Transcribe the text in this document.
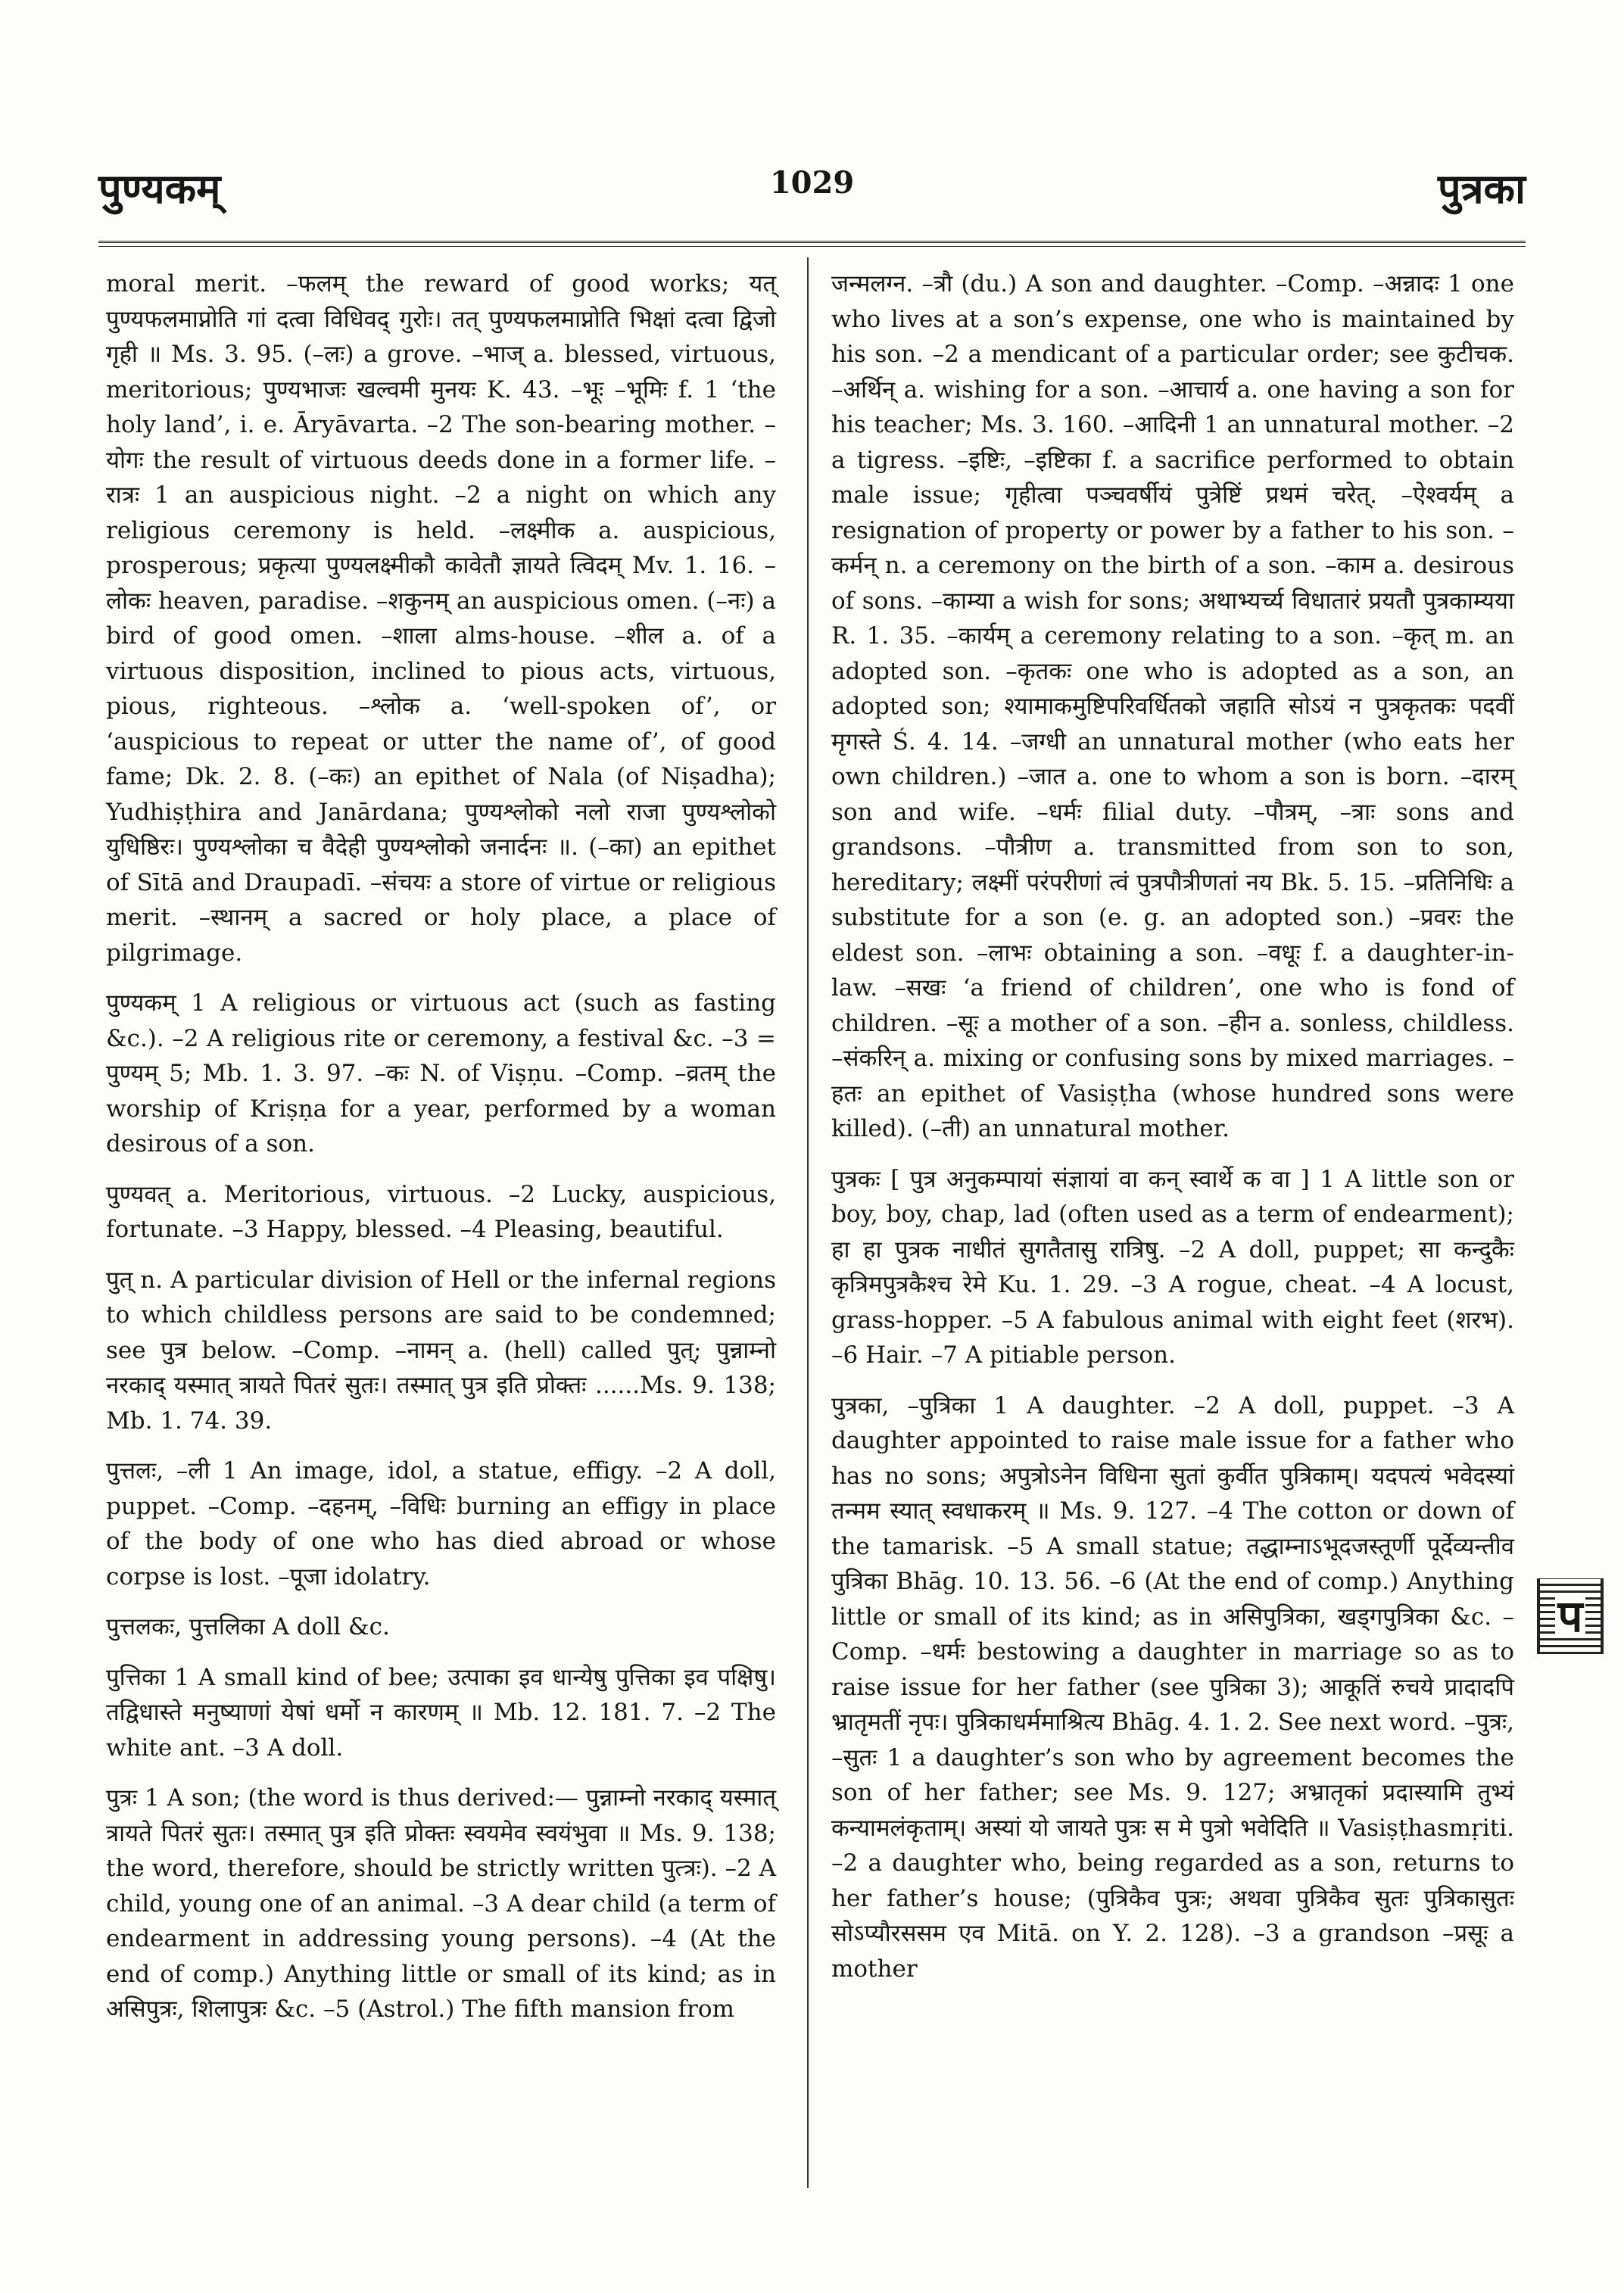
पुण्यकम्	1029	पुत्रका

moral merit. –फलम् the reward of good works; यत् पुण्यफलमाप्नोति गां दत्वा विधिवद् गुरोः। तत् पुण्यफलमाप्नोति भिक्षां दत्वा द्विजो गृही ॥ Ms. 3. 95. (–लः) a grove. –भाज् a. blessed, virtuous, meritorious; पुण्यभाजः खल्वमी मुनयः K. 43. –भूः –भूमिः f. 1 ‘the holy land’, i. e. Āryāvarta. –2 The son-bearing mother. –योगः the result of virtuous deeds done in a former life. –रात्रः 1 an auspicious night. –2 a night on which any religious ceremony is held. –लक्ष्मीक a. auspicious, prosperous; प्रकृत्या पुण्यलक्ष्मीकौ कावेतौ ज्ञायते त्विदम् Mv. 1. 16. –लोकः heaven, paradise. –शकुनम् an auspicious omen. (–नः) a bird of good omen. –शाला alms-house. –शील a. of a virtuous disposition, inclined to pious acts, virtuous, pious, righteous. –श्लोक a. ‘well-spoken of’, or ‘auspicious to repeat or utter the name of’, of good fame; Dk. 2. 8. (–कः) an epithet of Nala (of Niṣadha); Yudhiṣṭhira and Janārdana; पुण्यश्लोको नलो राजा पुण्यश्लोको युधिष्ठिरः। पुण्यश्लोका च वैदेही पुण्यश्लोको जनार्दनः ॥. (–का) an epithet of Sītā and Draupadī. –संचयः a store of virtue or religious merit. –स्थानम् a sacred or holy place, a place of pilgrimage.

पुण्यकम् 1 A religious or virtuous act (such as fasting &c.). –2 A religious rite or ceremony, a festival &c. –3 = पुण्यम् 5; Mb. 1. 3. 97. –कः N. of Viṣṇu. –Comp. –व्रतम् the worship of Kriṣṇa for a year, performed by a woman desirous of a son.

पुण्यवत् a. Meritorious, virtuous. –2 Lucky, auspicious, fortunate. –3 Happy, blessed. –4 Pleasing, beautiful.

पुत् n. A particular division of Hell or the infernal regions to which childless persons are said to be condemned; see पुत्र below. –Comp. –नामन् a. (hell) called पुत्; पुन्नाम्नो नरकाद् यस्मात् त्रायते पितरं सुतः। तस्मात् पुत्र इति प्रोक्तः ......Ms. 9. 138; Mb. 1. 74. 39.

पुत्तलः, –ली 1 An image, idol, a statue, effigy. –2 A doll, puppet. –Comp. –दहनम्, –विधिः burning an effigy in place of the body of one who has died abroad or whose corpse is lost. –पूजा idolatry.

पुत्तलकः, पुत्तलिका A doll &c.

पुत्तिका 1 A small kind of bee; उत्पाका इव धान्येषु पुत्तिका इव पक्षिषु। तद्विधास्ते मनुष्याणां येषां धर्मो न कारणम् ॥ Mb. 12. 181. 7. –2 The white ant. –3 A doll.

पुत्रः 1 A son; (the word is thus derived:— पुन्नाम्नो नरकाद् यस्मात् त्रायते पितरं सुतः। तस्मात् पुत्र इति प्रोक्तः स्वयमेव स्वयंभुवा ॥ Ms. 9. 138; the word, therefore, should be strictly written पुत्त्रः). –2 A child, young one of an animal. –3 A dear child (a term of endearment in addressing young persons). –4 (At the end of comp.) Anything little or small of its kind; as in असिपुत्रः, शिलापुत्रः &c. –5 (Astrol.) The fifth mansion from

जन्मलग्न. –त्रौ (du.) A son and daughter. –Comp. –अन्नादः 1 one who lives at a son’s expense, one who is maintained by his son. –2 a mendicant of a particular order; see कुटीचक. –अर्थिन् a. wishing for a son. –आचार्य a. one having a son for his teacher; Ms. 3. 160. –आदिनी 1 an unnatural mother. –2 a tigress. –इष्टिः, –इष्टिका f. a sacrifice performed to obtain male issue; गृहीत्वा पञ्चवर्षीयं पुत्रेष्टिं प्रथमं चरेत्. –ऐश्वर्यम् a resignation of property or power by a father to his son. –कर्मन् n. a ceremony on the birth of a son. –काम a. desirous of sons. –काम्या a wish for sons; अथाभ्यर्च्य विधातारं प्रयतौ पुत्रकाम्यया R. 1. 35. –कार्यम् a ceremony relating to a son. –कृत् m. an adopted son. –कृतकः one who is adopted as a son, an adopted son; श्यामाकमुष्टिपरिवर्धितको जहाति सोऽयं न पुत्रकृतकः पदवीं मृगस्ते Ś. 4. 14. –जग्धी an unnatural mother (who eats her own children.) –जात a. one to whom a son is born. –दारम् son and wife. –धर्मः filial duty. –पौत्रम्, –त्राः sons and grandsons. –पौत्रीण a. transmitted from son to son, hereditary; लक्ष्मीं परंपरीणां त्वं पुत्रपौत्रीणतां नय Bk. 5. 15. –प्रतिनिधिः a substitute for a son (e. g. an adopted son.) –प्रवरः the eldest son. –लाभः obtaining a son. –वधूः f. a daughter-in-law. –सखः ‘a friend of children’, one who is fond of children. –सूः a mother of a son. –हीन a. sonless, childless. –संकरिन् a. mixing or confusing sons by mixed marriages. –हतः an epithet of Vasiṣṭha (whose hundred sons were killed). (–ती) an unnatural mother.

पुत्रकः [ पुत्र अनुकम्पायां संज्ञायां वा कन् स्वार्थे क वा ] 1 A little son or boy, boy, chap, lad (often used as a term of endearment); हा हा पुत्रक नाधीतं सुगतैतासु रात्रिषु. –2 A doll, puppet; सा कन्दुकैः कृत्रिमपुत्रकैश्च रेमे Ku. 1. 29. –3 A rogue, cheat. –4 A locust, grass-hopper. –5 A fabulous animal with eight feet (शरभ). –6 Hair. –7 A pitiable person.

पुत्रका, –पुत्रिका 1 A daughter. –2 A doll, puppet. –3 A daughter appointed to raise male issue for a father who has no sons; अपुत्रोऽनेन विधिना सुतां कुर्वीत पुत्रिकाम्। यदपत्यं भवेदस्यां तन्मम स्यात् स्वधाकरम् ॥ Ms. 9. 127. –4 The cotton or down of the tamarisk. –5 A small statue; तद्धाम्नाऽभूदजस्तूर्णी पूर्देव्यन्तीव पुत्रिका Bhāg. 10. 13. 56. –6 (At the end of comp.) Anything little or small of its kind; as in असिपुत्रिका, खड्गपुत्रिका &c. –Comp. –धर्मः bestowing a daughter in marriage so as to raise issue for her father (see पुत्रिका 3); आकूतिं रुचये प्रादादपि भ्रातृमतीं नृपः। पुत्रिकाधर्ममाश्रित्य Bhāg. 4. 1. 2. See next word. –पुत्रः, –सुतः 1 a daughter’s son who by agreement becomes the son of her father; see Ms. 9. 127; अभ्रातृकां प्रदास्यामि तुभ्यं कन्यामलंकृताम्। अस्यां यो जायते पुत्रः स मे पुत्रो भवेदिति ॥ Vasiṣṭhasmṛiti. –2 a daughter who, being regarded as a son, returns to her father’s house; (पुत्रिकैव पुत्रः; अथवा पुत्रिकैव सुतः पुत्रिकासुतः सोऽप्यौरससम एव Mitā. on Y. 2. 128). –3 a grandson –प्रसूः a mother

प
